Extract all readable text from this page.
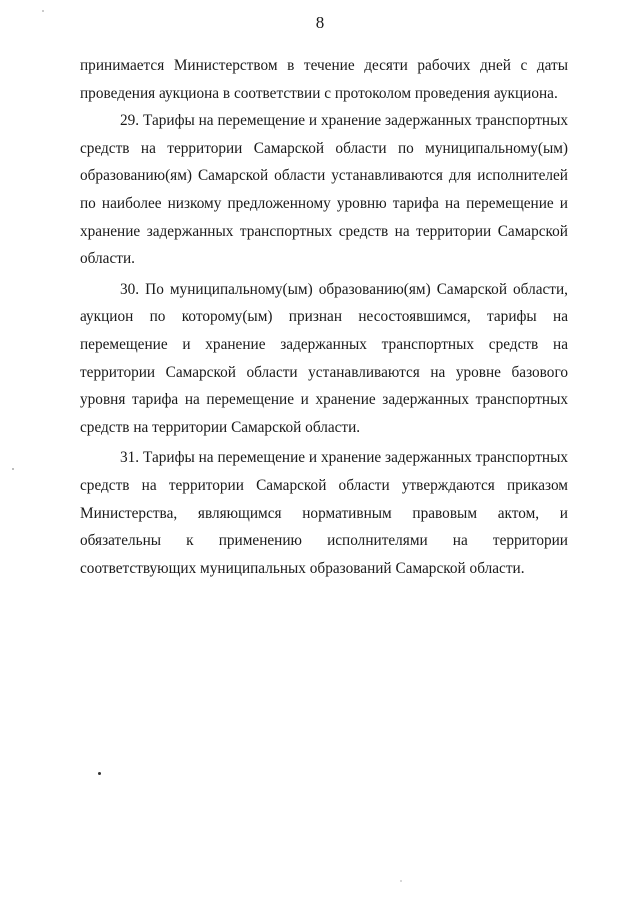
8

принимается Министерством в течение десяти рабочих дней с даты проведения аукциона в соответствии с протоколом проведения аукциона.

29. Тарифы на перемещение и хранение задержанных транспортных средств на территории Самарской области по муниципальному(ым) образованию(ям) Самарской области устанавливаются для исполнителей по наиболее низкому предложенному уровню тарифа на перемещение и хранение задержанных транспортных средств на территории Самарской области.

30. По муниципальному(ым) образованию(ям) Самарской области, аукцион по которому(ым) признан несостоявшимся, тарифы на перемещение и хранение задержанных транспортных средств на территории Самарской области устанавливаются на уровне базового уровня тарифа на перемещение и хранение задержанных транспортных средств на территории Самарской области.

31. Тарифы на перемещение и хранение задержанных транспортных средств на территории Самарской области утверждаются приказом Министерства, являющимся нормативным правовым актом, и обязательны к применению исполнителями на территории соответствующих муниципальных образований Самарской области.
